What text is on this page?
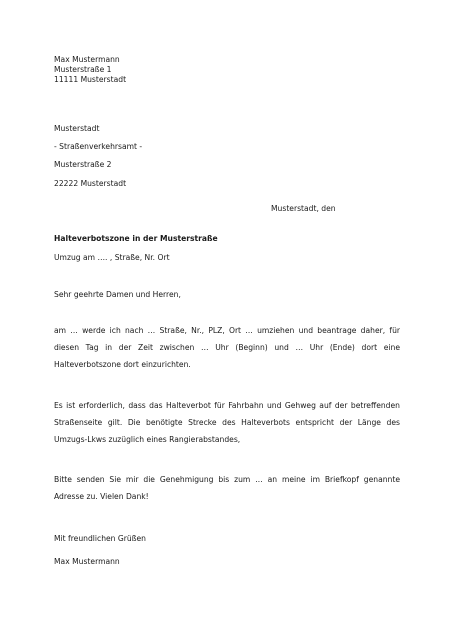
Max Mustermann
Musterstraße 1
11111 Musterstadt
Musterstadt
- Straßenverkehrsamt -
Musterstraße 2
22222 Musterstadt
Musterstadt, den
Halteverbotszone in der Musterstraße
Umzug am …. , Straße, Nr. Ort
Sehr geehrte Damen und Herren,
am … werde ich nach … Straße, Nr., PLZ, Ort … umziehen und beantrage daher, für diesen Tag in der Zeit zwischen … Uhr (Beginn) und … Uhr (Ende) dort eine Halteverbotszone dort einzurichten.
Es ist erforderlich, dass das Halteverbot für Fahrbahn und Gehweg auf der betreffenden Straßenseite gilt. Die benötigte Strecke des Halteverbots entspricht der Länge des Umzugs-Lkws zuzüglich eines Rangierabstandes,
Bitte senden Sie mir die Genehmigung bis zum … an meine im Briefkopf genannte Adresse zu. Vielen Dank!
Mit freundlichen Grüßen
Max Mustermann
